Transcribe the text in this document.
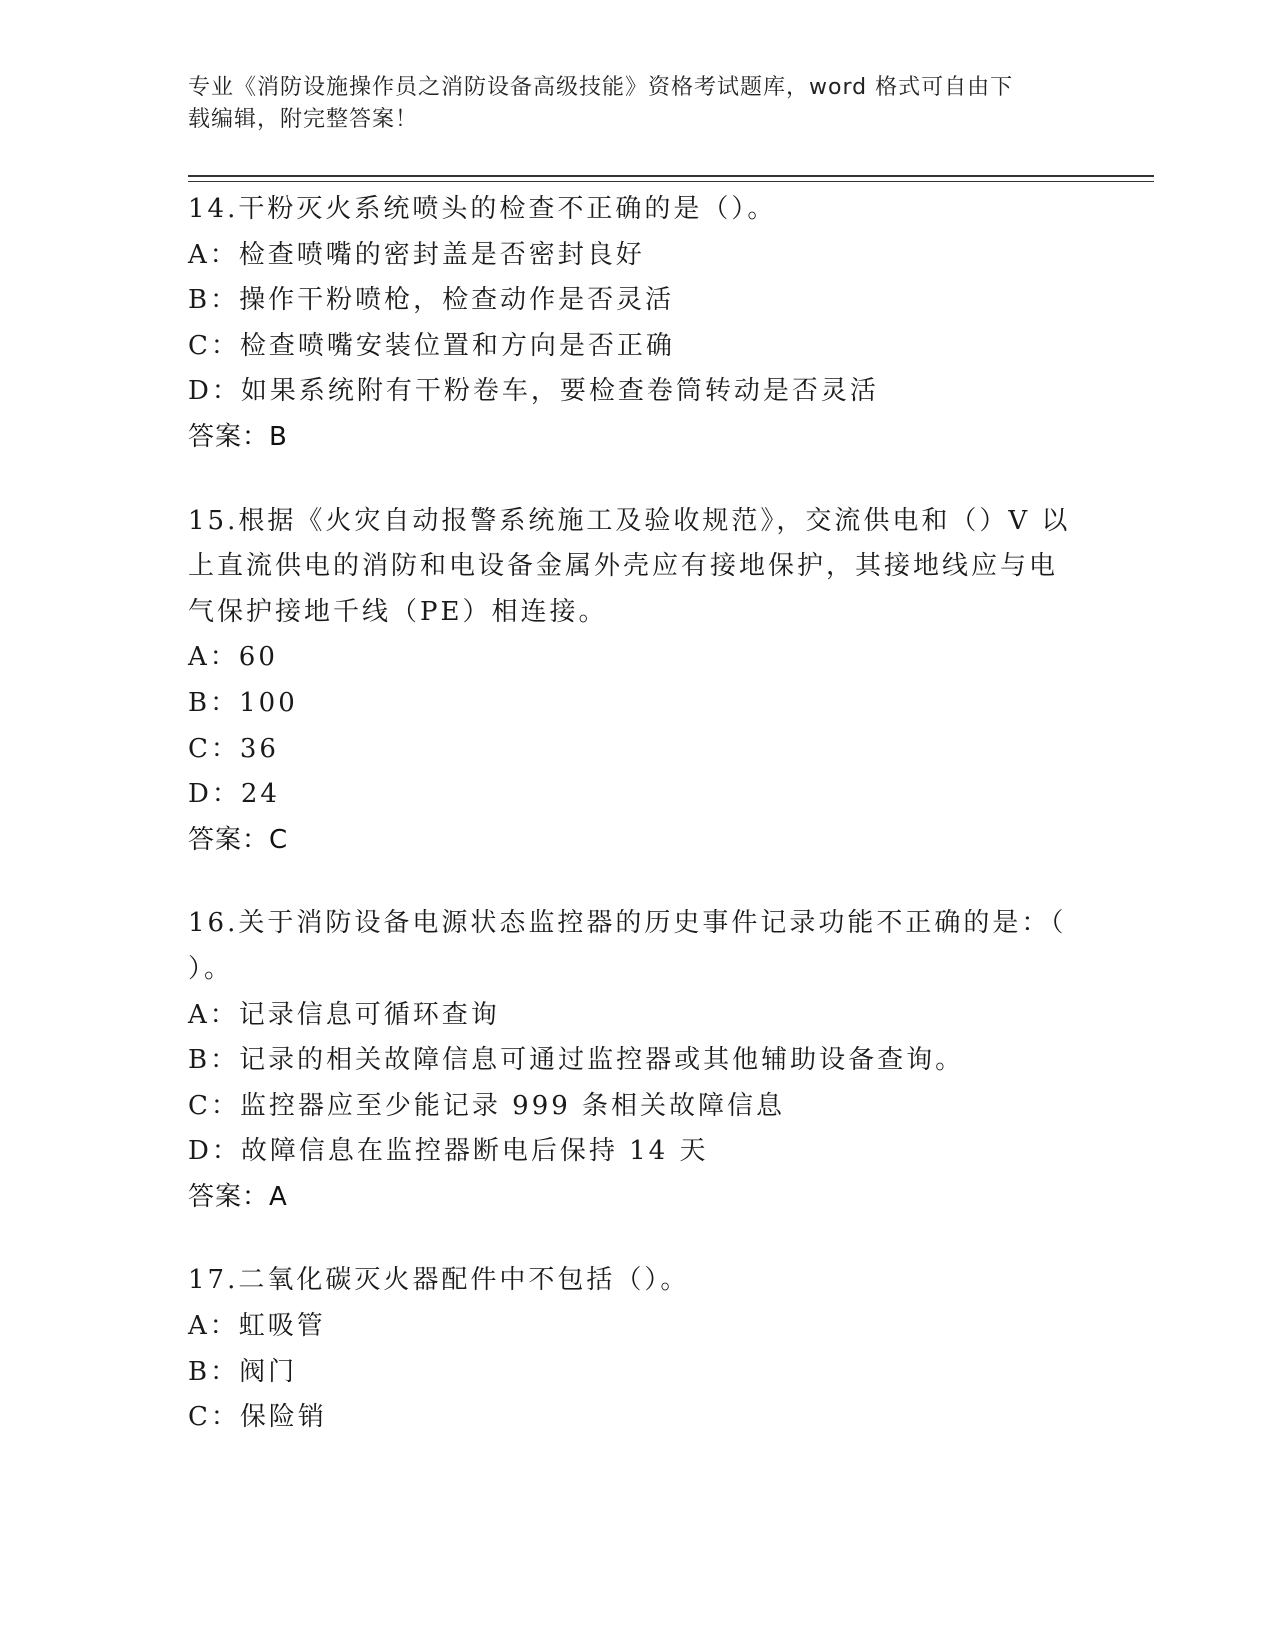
专业《消防设施操作员之消防设备高级技能》资格考试题库，word 格式可自由下
载编辑，附完整答案！
14.干粉灭火系统喷头的检查不正确的是（）。
A：检查喷嘴的密封盖是否密封良好
B：操作干粉喷枪，检查动作是否灵活
C：检查喷嘴安装位置和方向是否正确
D：如果系统附有干粉卷车，要检查卷筒转动是否灵活
答案：B
15.根据《火灾自动报警系统施工及验收规范》，交流供电和（）V 以
上直流供电的消防和电设备金属外壳应有接地保护，其接地线应与电
气保护接地千线（PE）相连接。
A：60
B：100
C：36
D：24
答案：C
16.关于消防设备电源状态监控器的历史事件记录功能不正确的是：（
）。
A：记录信息可循环查询
B：记录的相关故障信息可通过监控器或其他辅助设备查询。
C：监控器应至少能记录 999 条相关故障信息
D：故障信息在监控器断电后保持 14 天
答案：A
17.二氧化碳灭火器配件中不包括（）。
A：虹吸管
B：阀门
C：保险销
